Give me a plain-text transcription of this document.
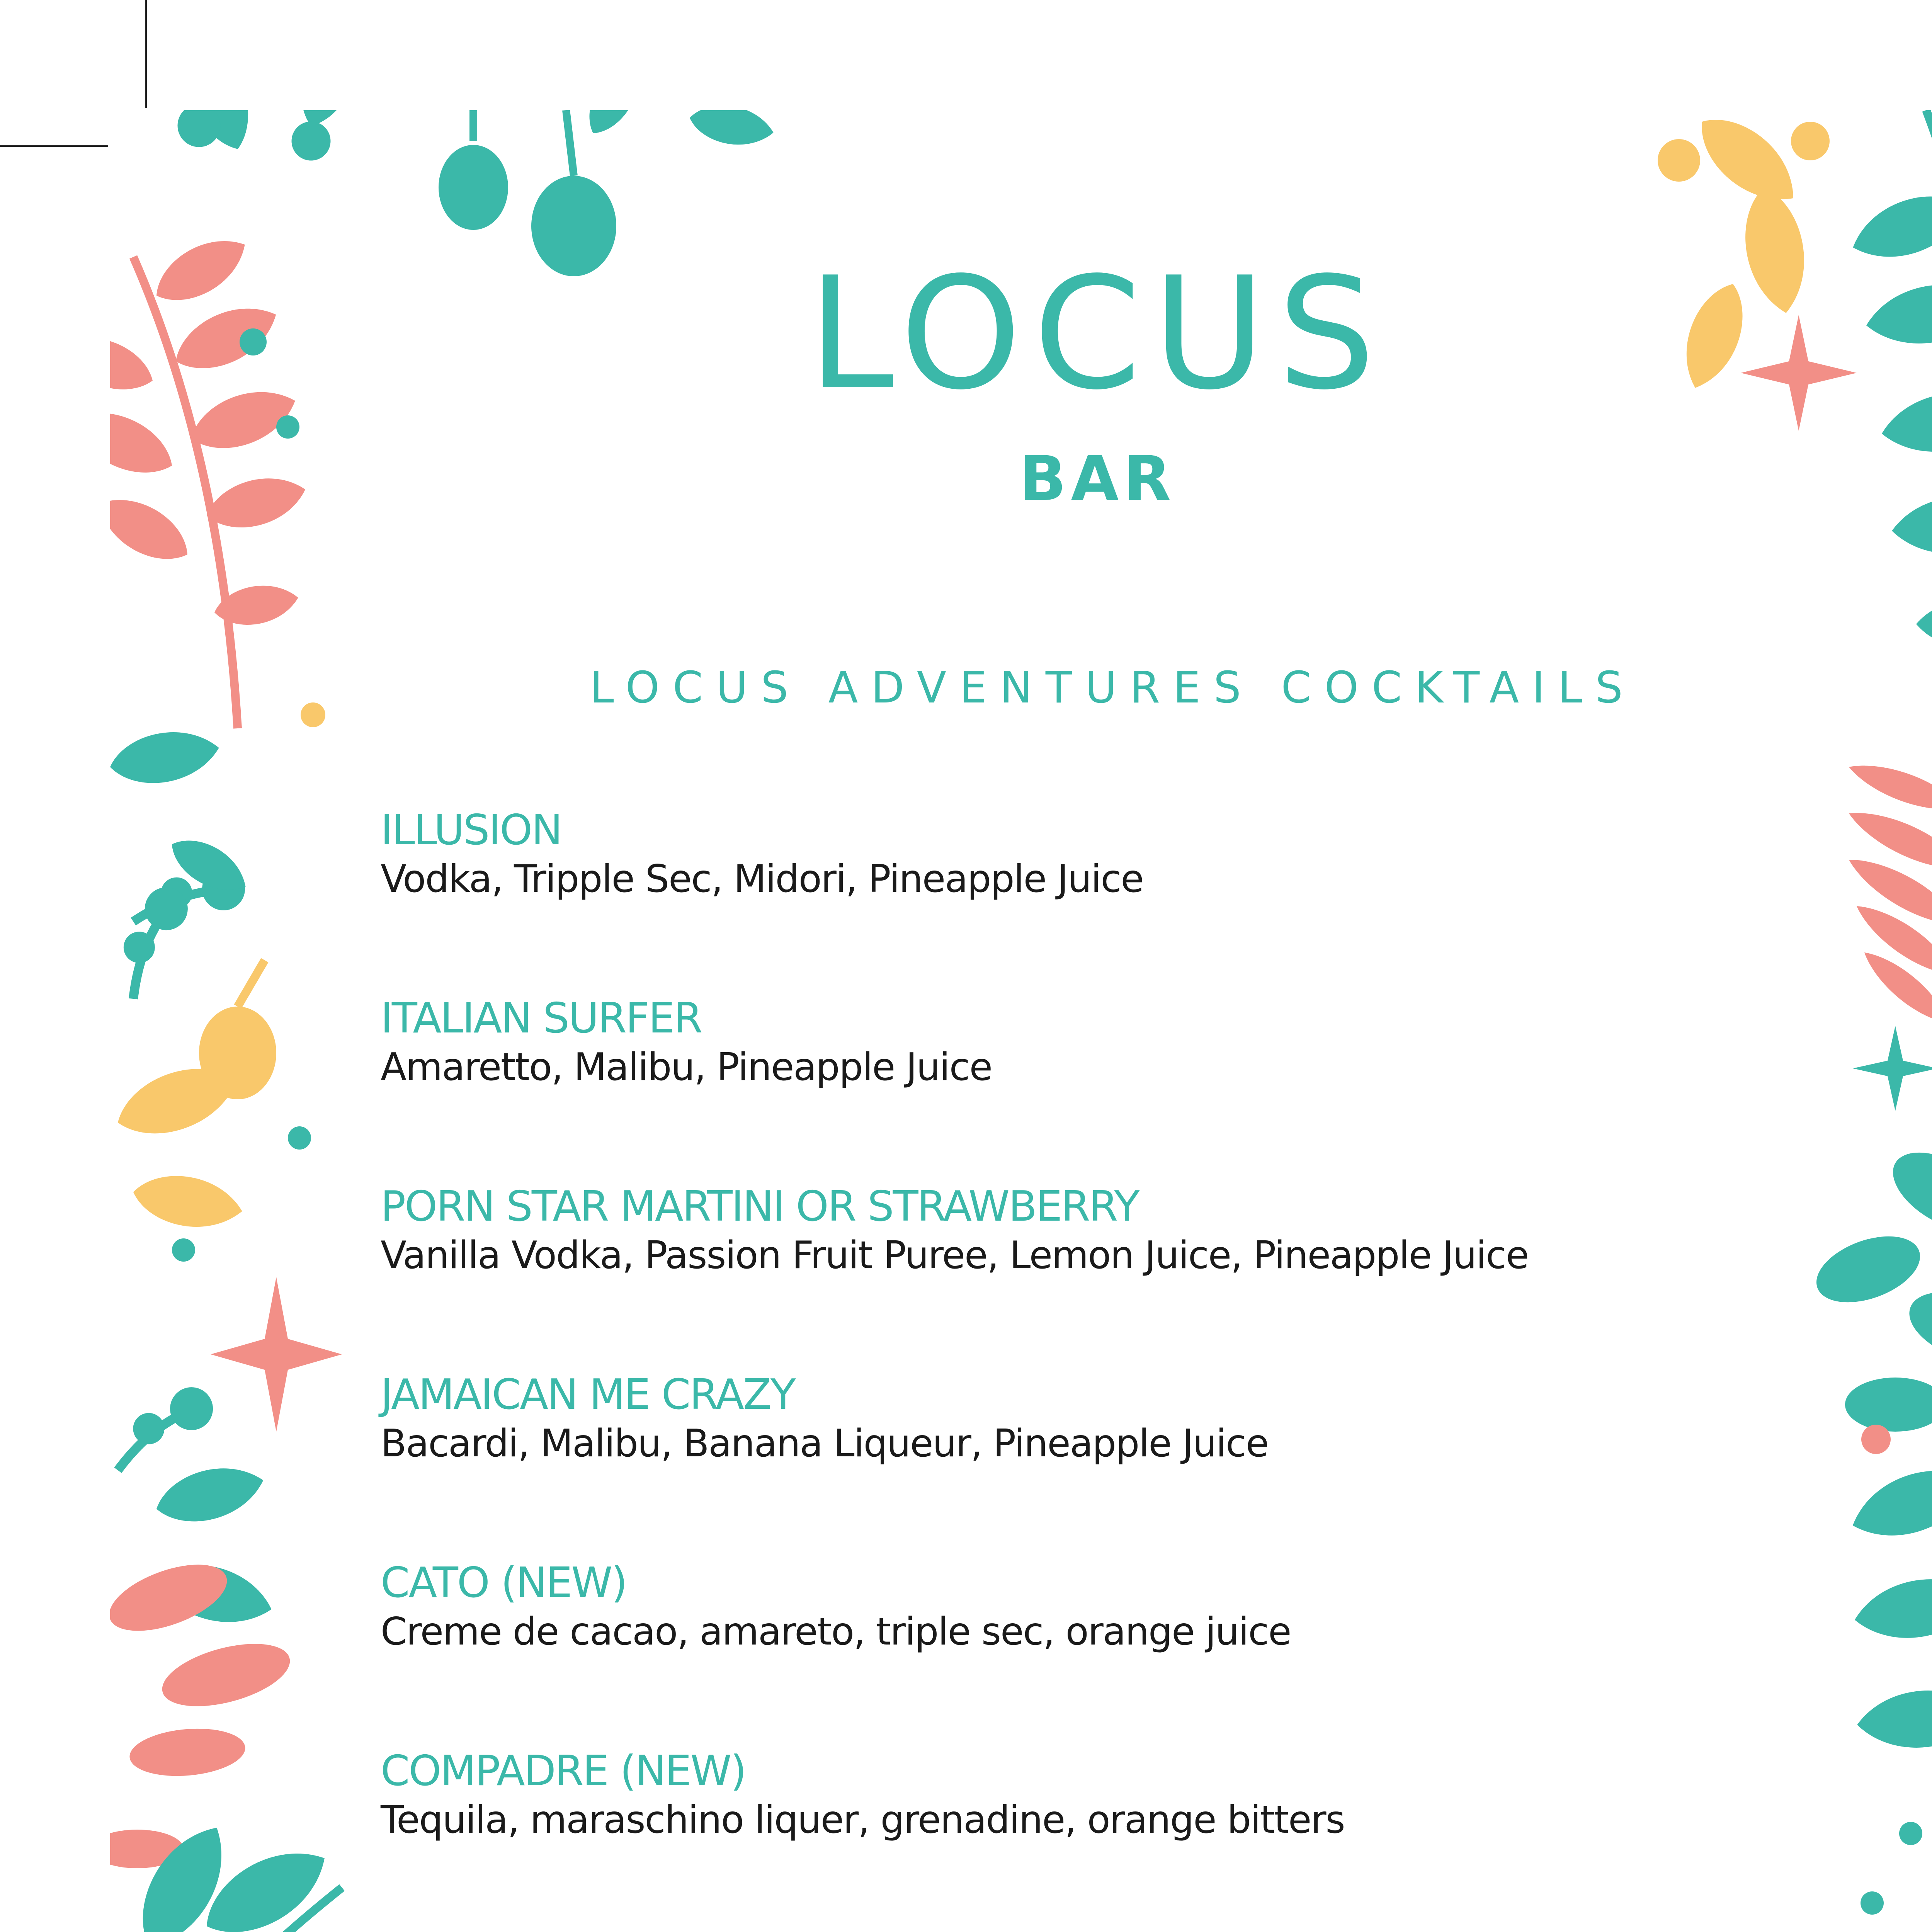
LOCUS
BAR
LOCUS ADVENTURES COCKTAILS
ILLUSION
Vodka, Tripple Sec, Midori, Pineapple Juice
ITALIAN SURFER
Amaretto, Malibu, Pineapple Juice
PORN STAR MARTINI OR STRAWBERRY
Vanilla Vodka, Passion Fruit Puree, Lemon Juice, Pineapple Juice
JAMAICAN ME CRAZY
Bacardi, Malibu, Banana Liqueur, Pineapple Juice
CATO (NEW)
Creme de cacao, amareto, triple sec, orange juice
COMPADRE (NEW)
Tequila, maraschino liquer, grenadine, orange bitters
